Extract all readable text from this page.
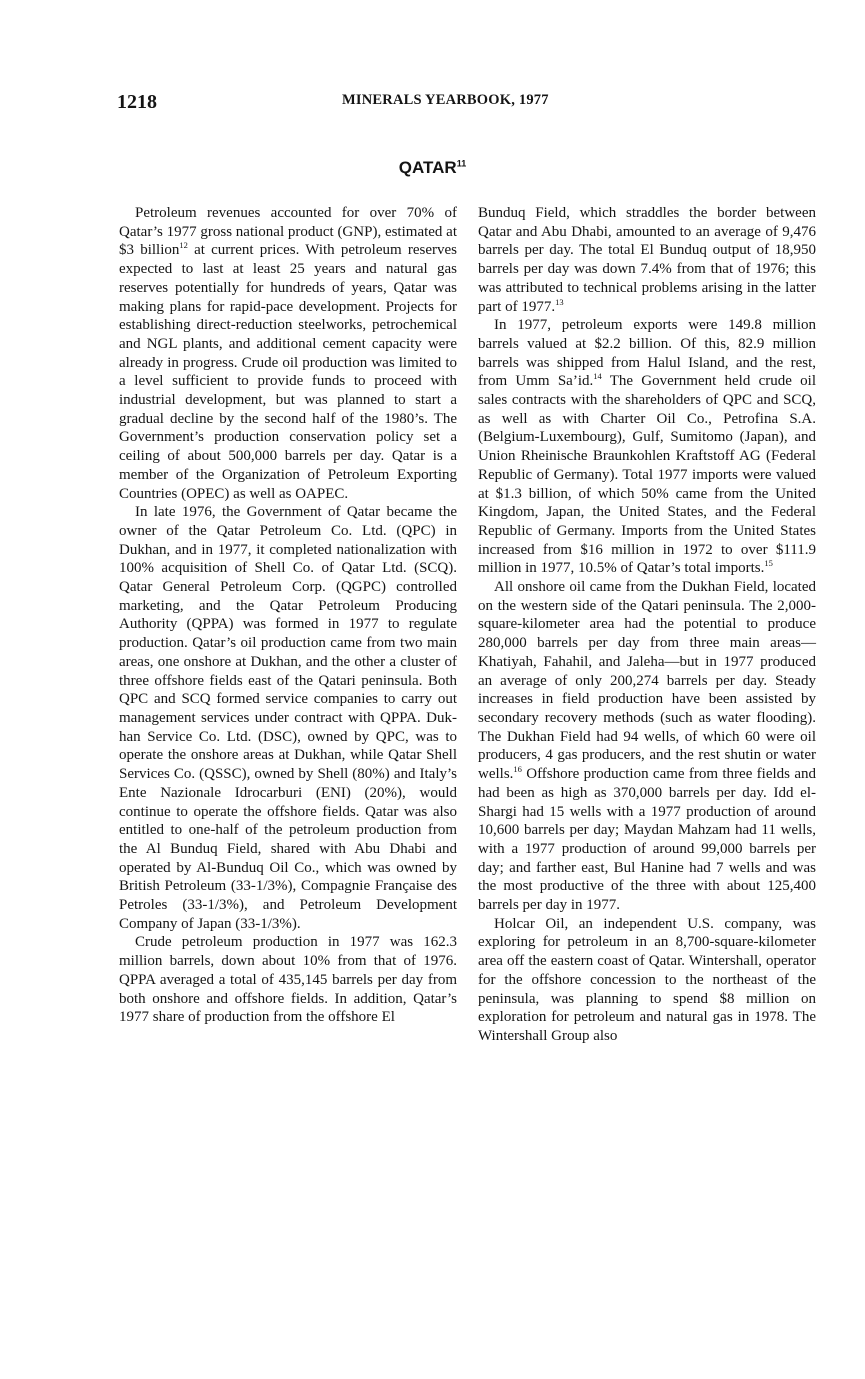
1218	MINERALS YEARBOOK, 1977
QATAR$^{11}$

Petroleum revenues accounted for over 70% of Qatar’s 1977 gross national product (GNP), estimated at $3 billion$^{12}$ at current prices. With petroleum reserves expected to last at least 25 years and natural gas reserves potentially for hundreds of years, Qatar was making plans for rapid-pace development. Projects for establishing direct-reduction steelworks, petrochemical and NGL plants, and additional cement capacity were already in progress. Crude oil production was limited to a level sufficient to provide funds to proceed with industrial development, but was planned to start a gradual decline by the second half of the 1980’s. The Government’s production conservation policy set a ceiling of about 500,000 barrels per day. Qatar is a member of the Organization of Petroleum Exporting Countries (OPEC) as well as OAPEC.

In late 1976, the Government of Qatar became the owner of the Qatar Petroleum Co. Ltd. (QPC) in Dukhan, and in 1977, it completed nationalization with 100% acquisition of Shell Co. of Qatar Ltd. (SCQ). Qatar General Petroleum Corp. (QGPC) controlled marketing, and the Qatar Petroleum Producing Authority (QPPA) was formed in 1977 to regulate production. Qatar’s oil production came from two main areas, one onshore at Dukhan, and the other a cluster of three offshore fields east of the Qatari peninsula. Both QPC and SCQ formed service companies to carry out management services under contract with QPPA. Dukhan Service Co. Ltd. (DSC), owned by QPC, was to operate the onshore areas at Dukhan, while Qatar Shell Services Co. (QSSC), owned by Shell (80%) and Italy’s Ente Nazionale Idrocarburi (ENI) (20%), would continue to operate the offshore fields. Qatar was also entitled to one-half of the petroleum production from the Al Bunduq Field, shared with Abu Dhabi and operated by Al-Bunduq Oil Co., which was owned by British Petroleum (33-1/3%), Compagnie Française des Petroles (33-1/3%), and Petroleum Development Company of Japan (33-1/3%).

Crude petroleum production in 1977 was 162.3 million barrels, down about 10% from that of 1976. QPPA averaged a total of 435,145 barrels per day from both onshore and offshore fields. In addition, Qatar’s 1977 share of production from the offshore El

Bunduq Field, which straddles the border between Qatar and Abu Dhabi, amounted to an average of 9,476 barrels per day. The total El Bunduq output of 18,950 barrels per day was down 7.4% from that of 1976; this was attributed to technical problems arising in the latter part of 1977.13

In 1977, petroleum exports were 149.8 million barrels valued at $2.2 billion. Of this, 82.9 million barrels was shipped from Halul Island, and the rest, from Umm Sa’id.$^{14}$ The Government held crude oil sales contracts with the shareholders of QPC and SCQ, as well as with Charter Oil Co., Petrofina S.A. (Belgium-Luxembourg), Gulf, Sumitomo (Japan), and Union Rheinische Braunkohlen Kraftstoff AG (Federal Republic of Germany). Total 1977 imports were valued at $1.3 billion, of which 50% came from the United Kingdom, Japan, the United States, and the Federal Republic of Germany. Imports from the United States increased from $16 million in 1972 to over $111.9 million in 1977, 10.5% of Qatar’s total imports.$^{15}$

All onshore oil came from the Dukhan Field, located on the western side of the Qatari peninsula. The 2,000-square-kilometer area had the potential to produce 280,000 barrels per day from three main areas—Khatiyah, Fahahil, and Jaleha—but in 1977 produced an average of only 200,274 barrels per day. Steady increases in field production have been assisted by secondary recovery methods (such as water flooding). The Dukhan Field had 94 wells, of which 60 were oil producers, 4 gas producers, and the rest shutin or water wells.$^{16}$ Offshore production came from three fields and had been as high as 370,000 barrels per day. Idd el-Shargi had 15 wells with a 1977 production of around 10,600 barrels per day; Maydan Mahzam had 11 wells, with a 1977 production of around 99,000 barrels per day; and farther east, Bul Hanine had 7 wells and was the most productive of the three with about 125,400 barrels per day in 1977.

Holcar Oil, an independent U.S. company, was exploring for petroleum in an 8,700-square-kilometer area off the eastern coast of Qatar. Wintershall, operator for the offshore concession to the northeast of the peninsula, was planning to spend $8 million on exploration for petroleum and natural gas in 1978. The Wintershall Group also
